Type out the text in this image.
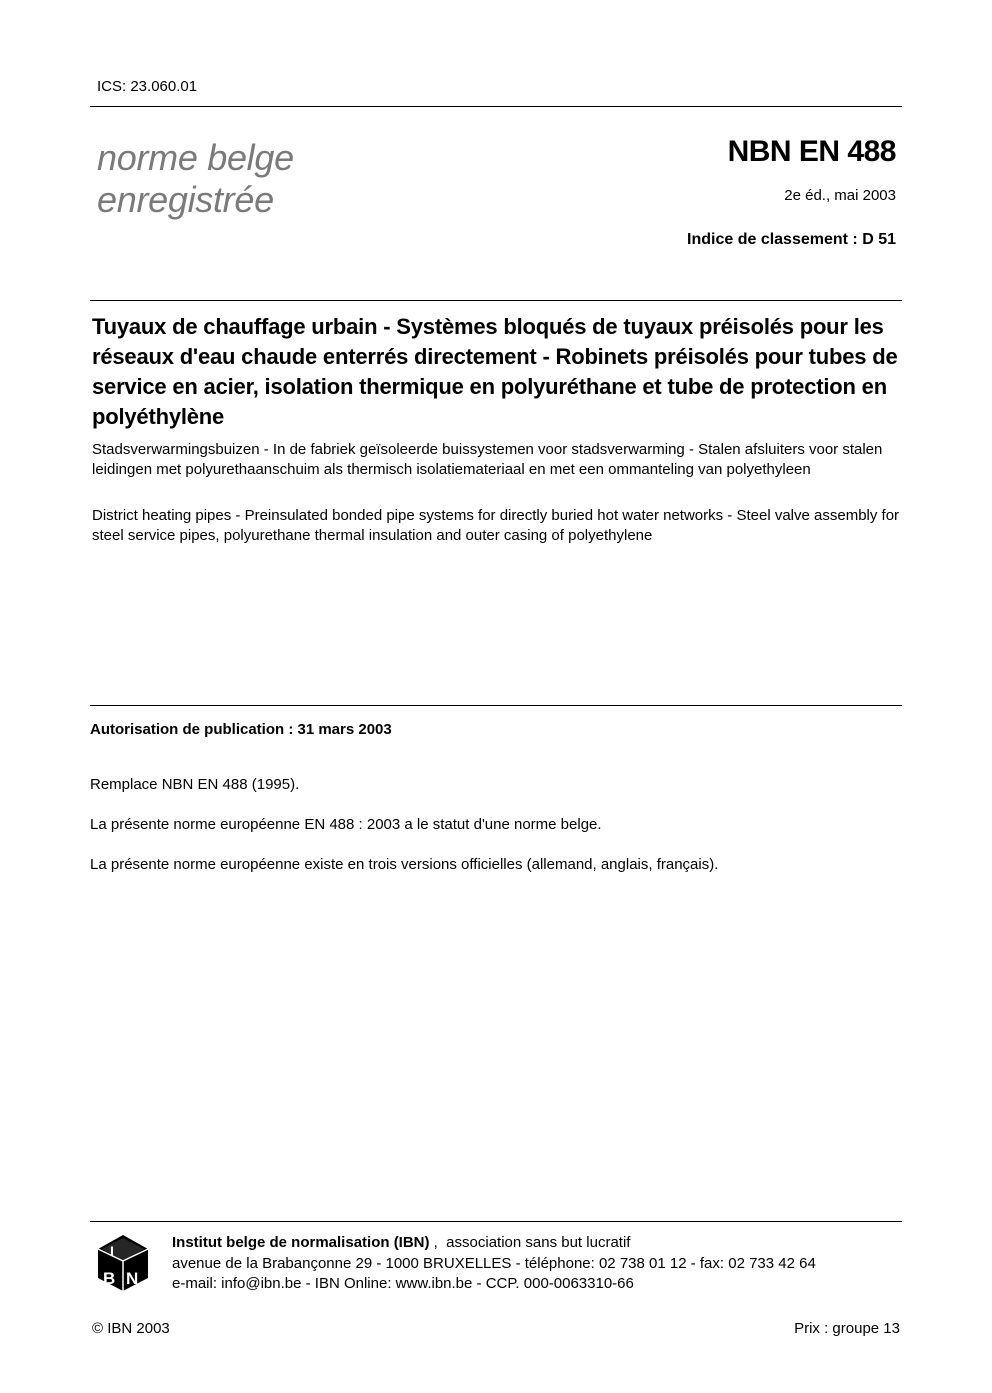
ICS: 23.060.01
norme belge
enregistrée
NBN EN 488
2e éd., mai 2003
Indice de classement : D 51
Tuyaux de chauffage urbain - Systèmes bloqués de tuyaux préisolés pour les réseaux d'eau chaude enterrés directement - Robinets préisolés pour tubes de service en acier, isolation thermique en polyuréthane et tube de protection en polyéthylène
Stadsverwarmingsbuizen - In de fabriek geïsoleerde buissystemen voor stadsverwarming - Stalen afsluiters voor stalen leidingen met polyurethaanschuim als thermisch isolatiemateriaal en met een ommanteling van polyethyleen
District heating pipes - Preinsulated bonded pipe systems for directly buried hot water networks - Steel valve assembly for steel service pipes, polyurethane thermal insulation and outer casing of polyethylene
Autorisation de publication : 31 mars 2003
Remplace NBN EN 488 (1995).
La présente norme européenne EN 488 : 2003 a le statut d'une norme belge.
La présente norme européenne existe en trois versions officielles (allemand, anglais, français).
I
B N
Institut belge de normalisation (IBN) ,  association sans but lucratif
avenue de la Brabançonne 29 - 1000 BRUXELLES - téléphone: 02 738 01 12 - fax: 02 733 42 64
e-mail: info@ibn.be - IBN Online: www.ibn.be - CCP. 000-0063310-66
© IBN 2003	Prix : groupe 13
